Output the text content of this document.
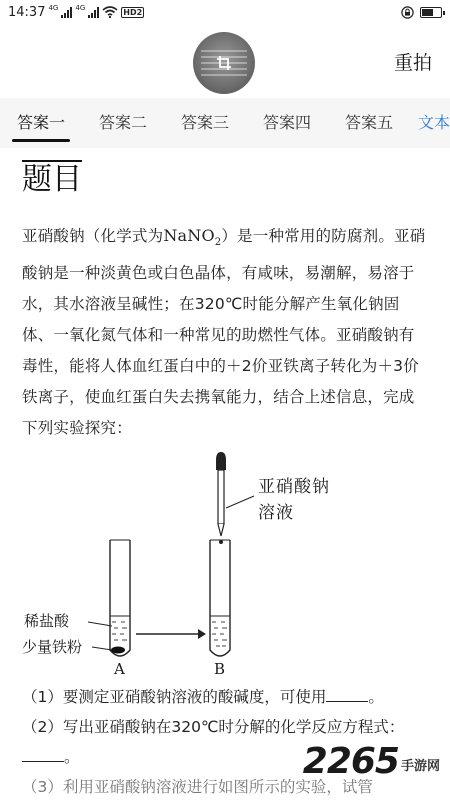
14:37 4G 4G	HD2
重拍
答案一	答案二	答案三	答案四	答案五	文本
题目
亚硝酸钠（化学式为NaNO$_2$）是一种常用的防腐剂。亚硝酸钠是一种淡黄色或白色晶体，有咸味，易潮解，易溶于水，其水溶液呈碱性；在320℃时能分解产生氧化钠固体、一氧化氮气体和一种常见的助燃性气体。亚硝酸钠有毒性，能将人体血红蛋白中的＋2价亚铁离子转化为＋3价铁离子，使血红蛋白失去携氧能力，结合上述信息，完成下列实验探究：
亚硝酸钠溶液
稀盐酸
少量铁粉
A	B
（1）要测定亚硝酸钠溶液的酸碱度，可使用	。
（2）写出亚硝酸钠在320℃时分解的化学反应方程式：。
（3）利用亚硝酸钠溶液进行如图所示的实验，试管
2265 手游网
